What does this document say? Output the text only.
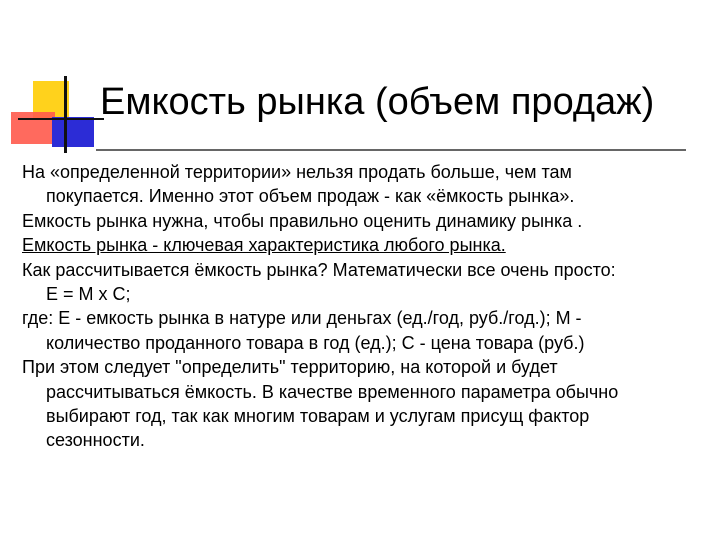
Емкость рынка (объем продаж)
На «определенной территории» нельзя продать больше, чем там
покупается. Именно этот объем продаж - как «ёмкость рынка».
Емкость рынка нужна, чтобы правильно оценить динамику рынка .
Емкость рынка - ключевая характеристика любого рынка.
Как рассчитывается ёмкость рынка? Математически все очень просто:
E = M x C;
где: E - емкость рынка в натуре или деньгах (ед./год, руб./год.); M -
количество проданного товара в год (ед.); C - цена товара (руб.)
При этом следует "определить" территорию, на которой и будет
рассчитываться ёмкость. В качестве временного параметра обычно
выбирают год, так как многим товарам и услугам присущ фактор
сезонности.
